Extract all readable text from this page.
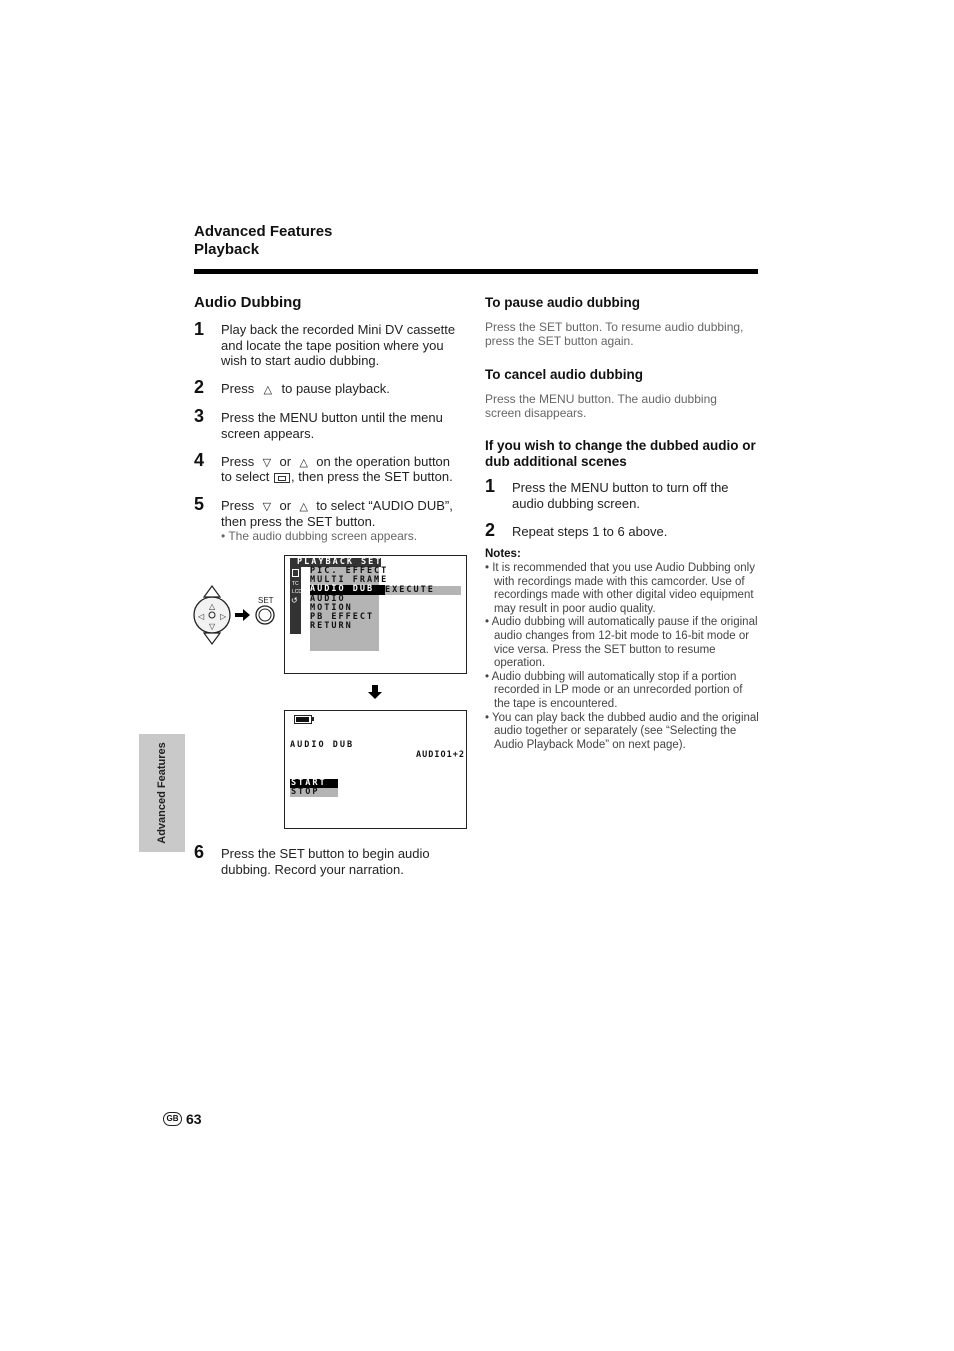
Advanced Features
Playback
Audio Dubbing
1 Play back the recorded Mini DV cassette and locate the tape position where you wish to start audio dubbing.
2 Press △ to pause playback.
3 Press the MENU button until the menu screen appears.
4 Press ▽ or △ on the operation button
to select , then press the SET button.
5 Press ▽ or △ to select “AUDIO DUB”,
then press the SET button.
• The audio dubbing screen appears.
△
▽
◁ ▷
SET
TC
LCD
↺
PLAYBACK SET
PIC. EFFECT
MULTI FRAME
AUDIO DUB
AUDIO
MOTION
PB EFFECT
RETURN
EXECUTE
AUDIO DUB
AUDIO1+2
START
STOP
6 Press the SET button to begin audio dubbing. Record your narration.
To pause audio dubbing
Press the SET button. To resume audio dubbing, press the SET button again.
To cancel audio dubbing
Press the MENU button. The audio dubbing screen disappears.
If you wish to change the dubbed audio or dub additional scenes
1 Press the MENU button to turn off the audio dubbing screen.
2 Repeat steps 1 to 6 above.
Notes:
• It is recommended that you use Audio Dubbing only with recordings made with this camcorder. Use of recordings made with other digital video equipment may result in poor audio quality.
• Audio dubbing will automatically pause if the original audio changes from 12-bit mode to 16-bit mode or vice versa. Press the SET button to resume operation.
• Audio dubbing will automatically stop if a portion recorded in LP mode or an unrecorded portion of the tape is encountered.
• You can play back the dubbed audio and the original audio together or separately (see “Selecting the Audio Playback Mode” on next page).
Advanced Features
GB 63
